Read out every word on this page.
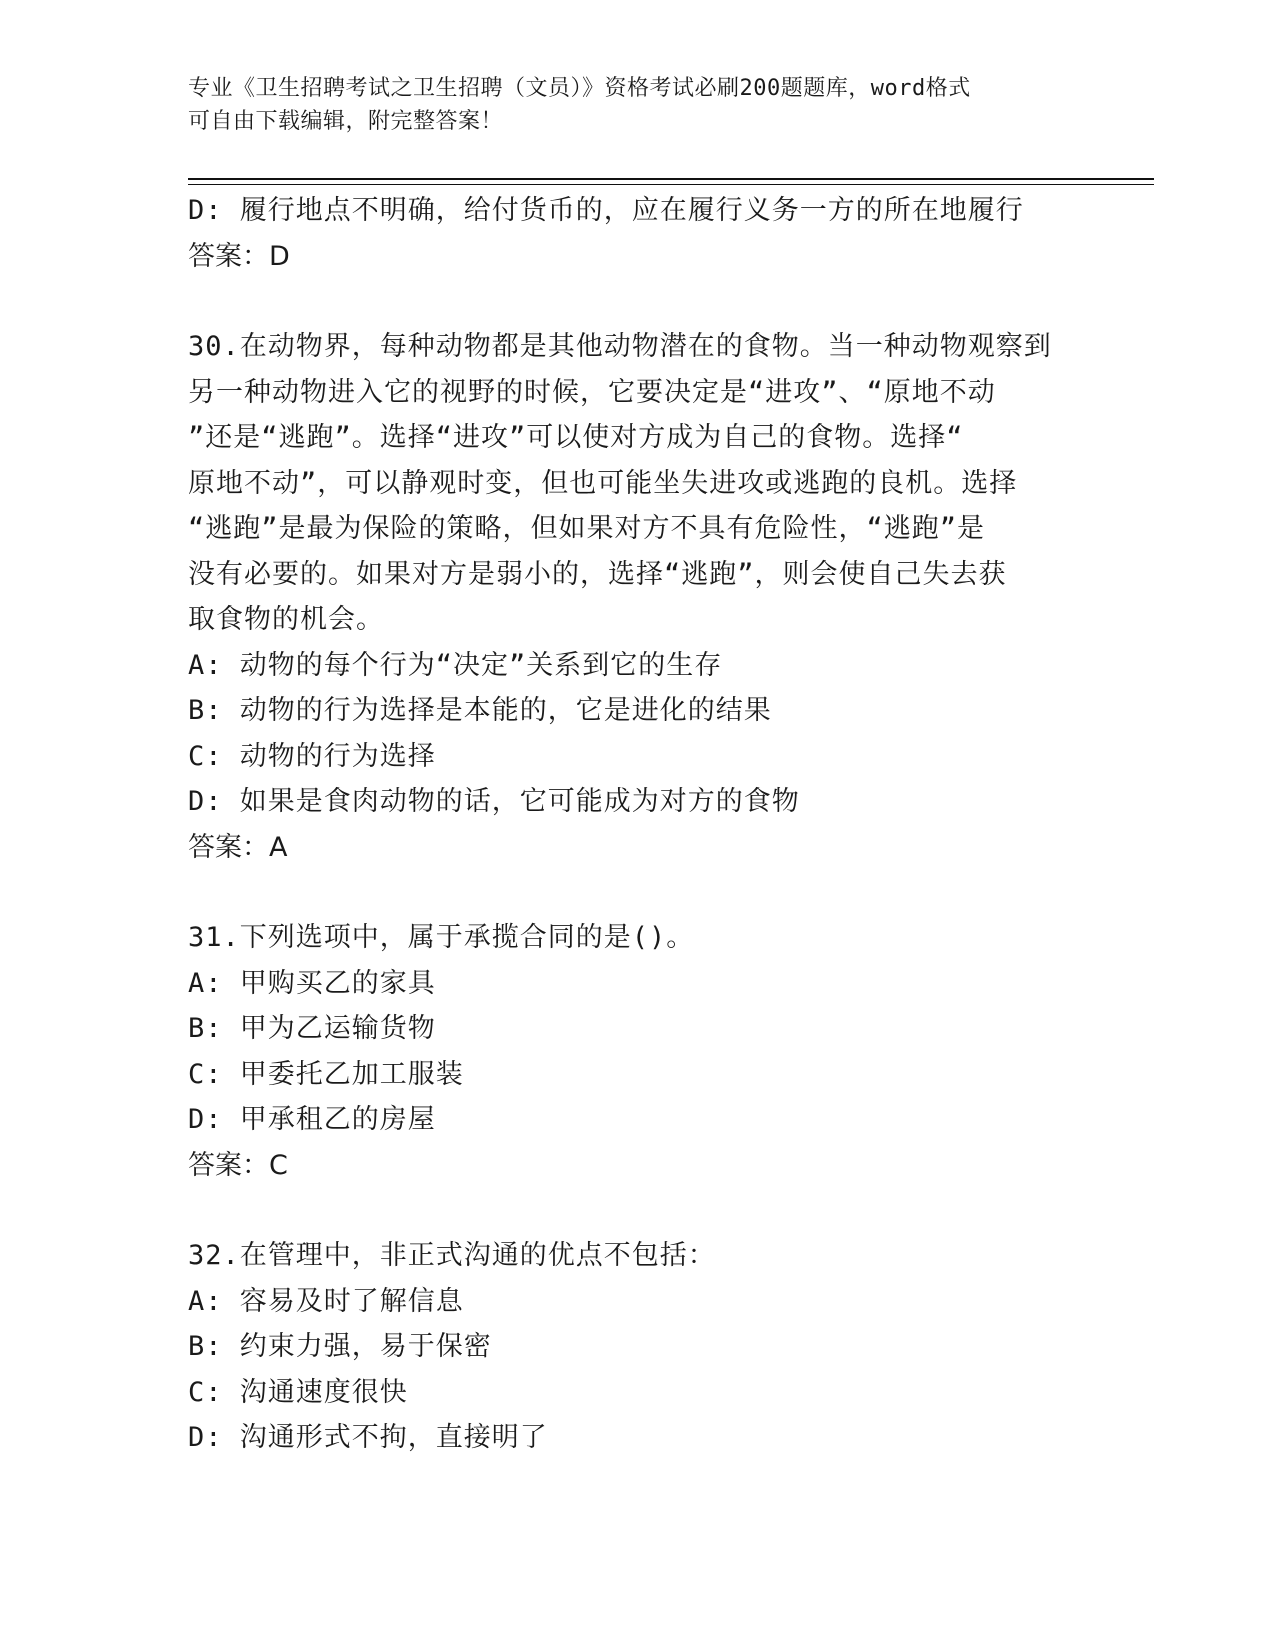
专业《卫生招聘考试之卫生招聘（文员）》资格考试必刷200题题库，word格式
可自由下载编辑，附完整答案！
D: 履行地点不明确，给付货币的，应在履行义务一方的所在地履行
答案：D
30.在动物界，每种动物都是其他动物潜在的食物。当一种动物观察到
另一种动物进入它的视野的时候，它要决定是“进攻”、“原地不动
”还是“逃跑”。选择“进攻”可以使对方成为自己的食物。选择“
原地不动”，可以静观时变，但也可能坐失进攻或逃跑的良机。选择
“逃跑”是最为保险的策略，但如果对方不具有危险性，“逃跑”是
没有必要的。如果对方是弱小的，选择“逃跑”，则会使自己失去获
取食物的机会。
A: 动物的每个行为“决定”关系到它的生存
B: 动物的行为选择是本能的，它是进化的结果
C: 动物的行为选择
D: 如果是食肉动物的话，它可能成为对方的食物
答案：A
31.下列选项中，属于承揽合同的是()。
A: 甲购买乙的家具
B: 甲为乙运输货物
C: 甲委托乙加工服装
D: 甲承租乙的房屋
答案：C
32.在管理中，非正式沟通的优点不包括：
A: 容易及时了解信息
B: 约束力强，易于保密
C: 沟通速度很快
D: 沟通形式不拘，直接明了
